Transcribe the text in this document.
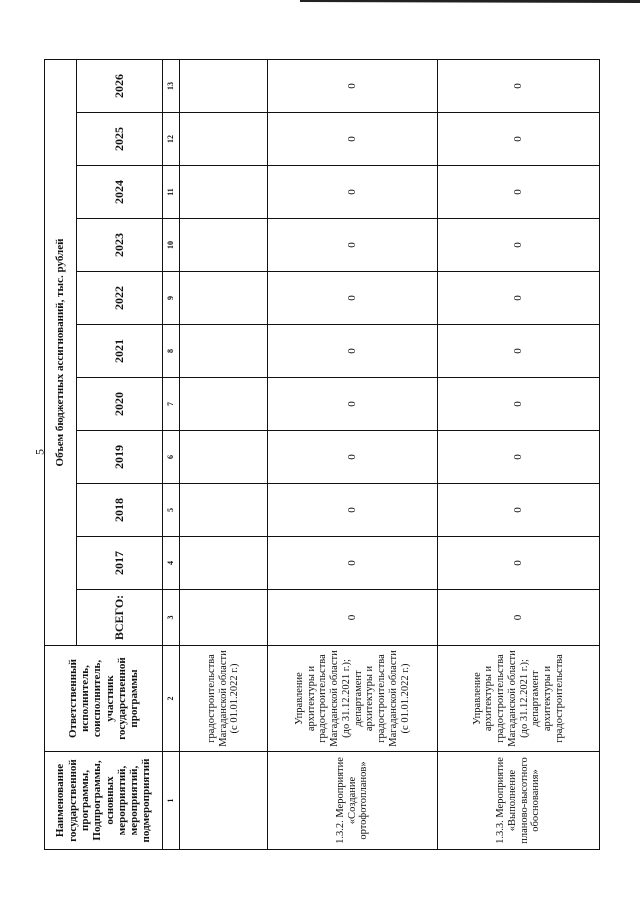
5
Наименование государственной программы, Подпрограммы, основных мероприятий, мероприятий, подмероприятий	Ответственный исполнитель, соисполнитель, участник государственной программы	Объем бюджетных ассигнований, тыс. рублей										
		ВСЕГО:	2017	2018	2019	2020	2021	2022	2023	2024	2025	2026
1	2	3	4	5	6	7	8	9	10	11	12	13
	градостроительства Магаданской области (с 01.01.2022 г.)											
1.3.2. Мероприятие «Создание ортофотопланов»	Управление архитектуры и градостроительства Магаданской области (до 31.12.2021 г.); департамент архитектуры и градостроительства Магаданской области (с 01.01.2022 г.)	0	0	0	0	0	0	0	0	0	0	0
1.3.3. Мероприятие «Выполнение планово-высотного обоснования»	Управление архитектуры и градостроительства Магаданской области (до 31.12.2021 г.); департамент архитектуры и градостроительства	0	0	0	0	0	0	0	0	0	0	0
